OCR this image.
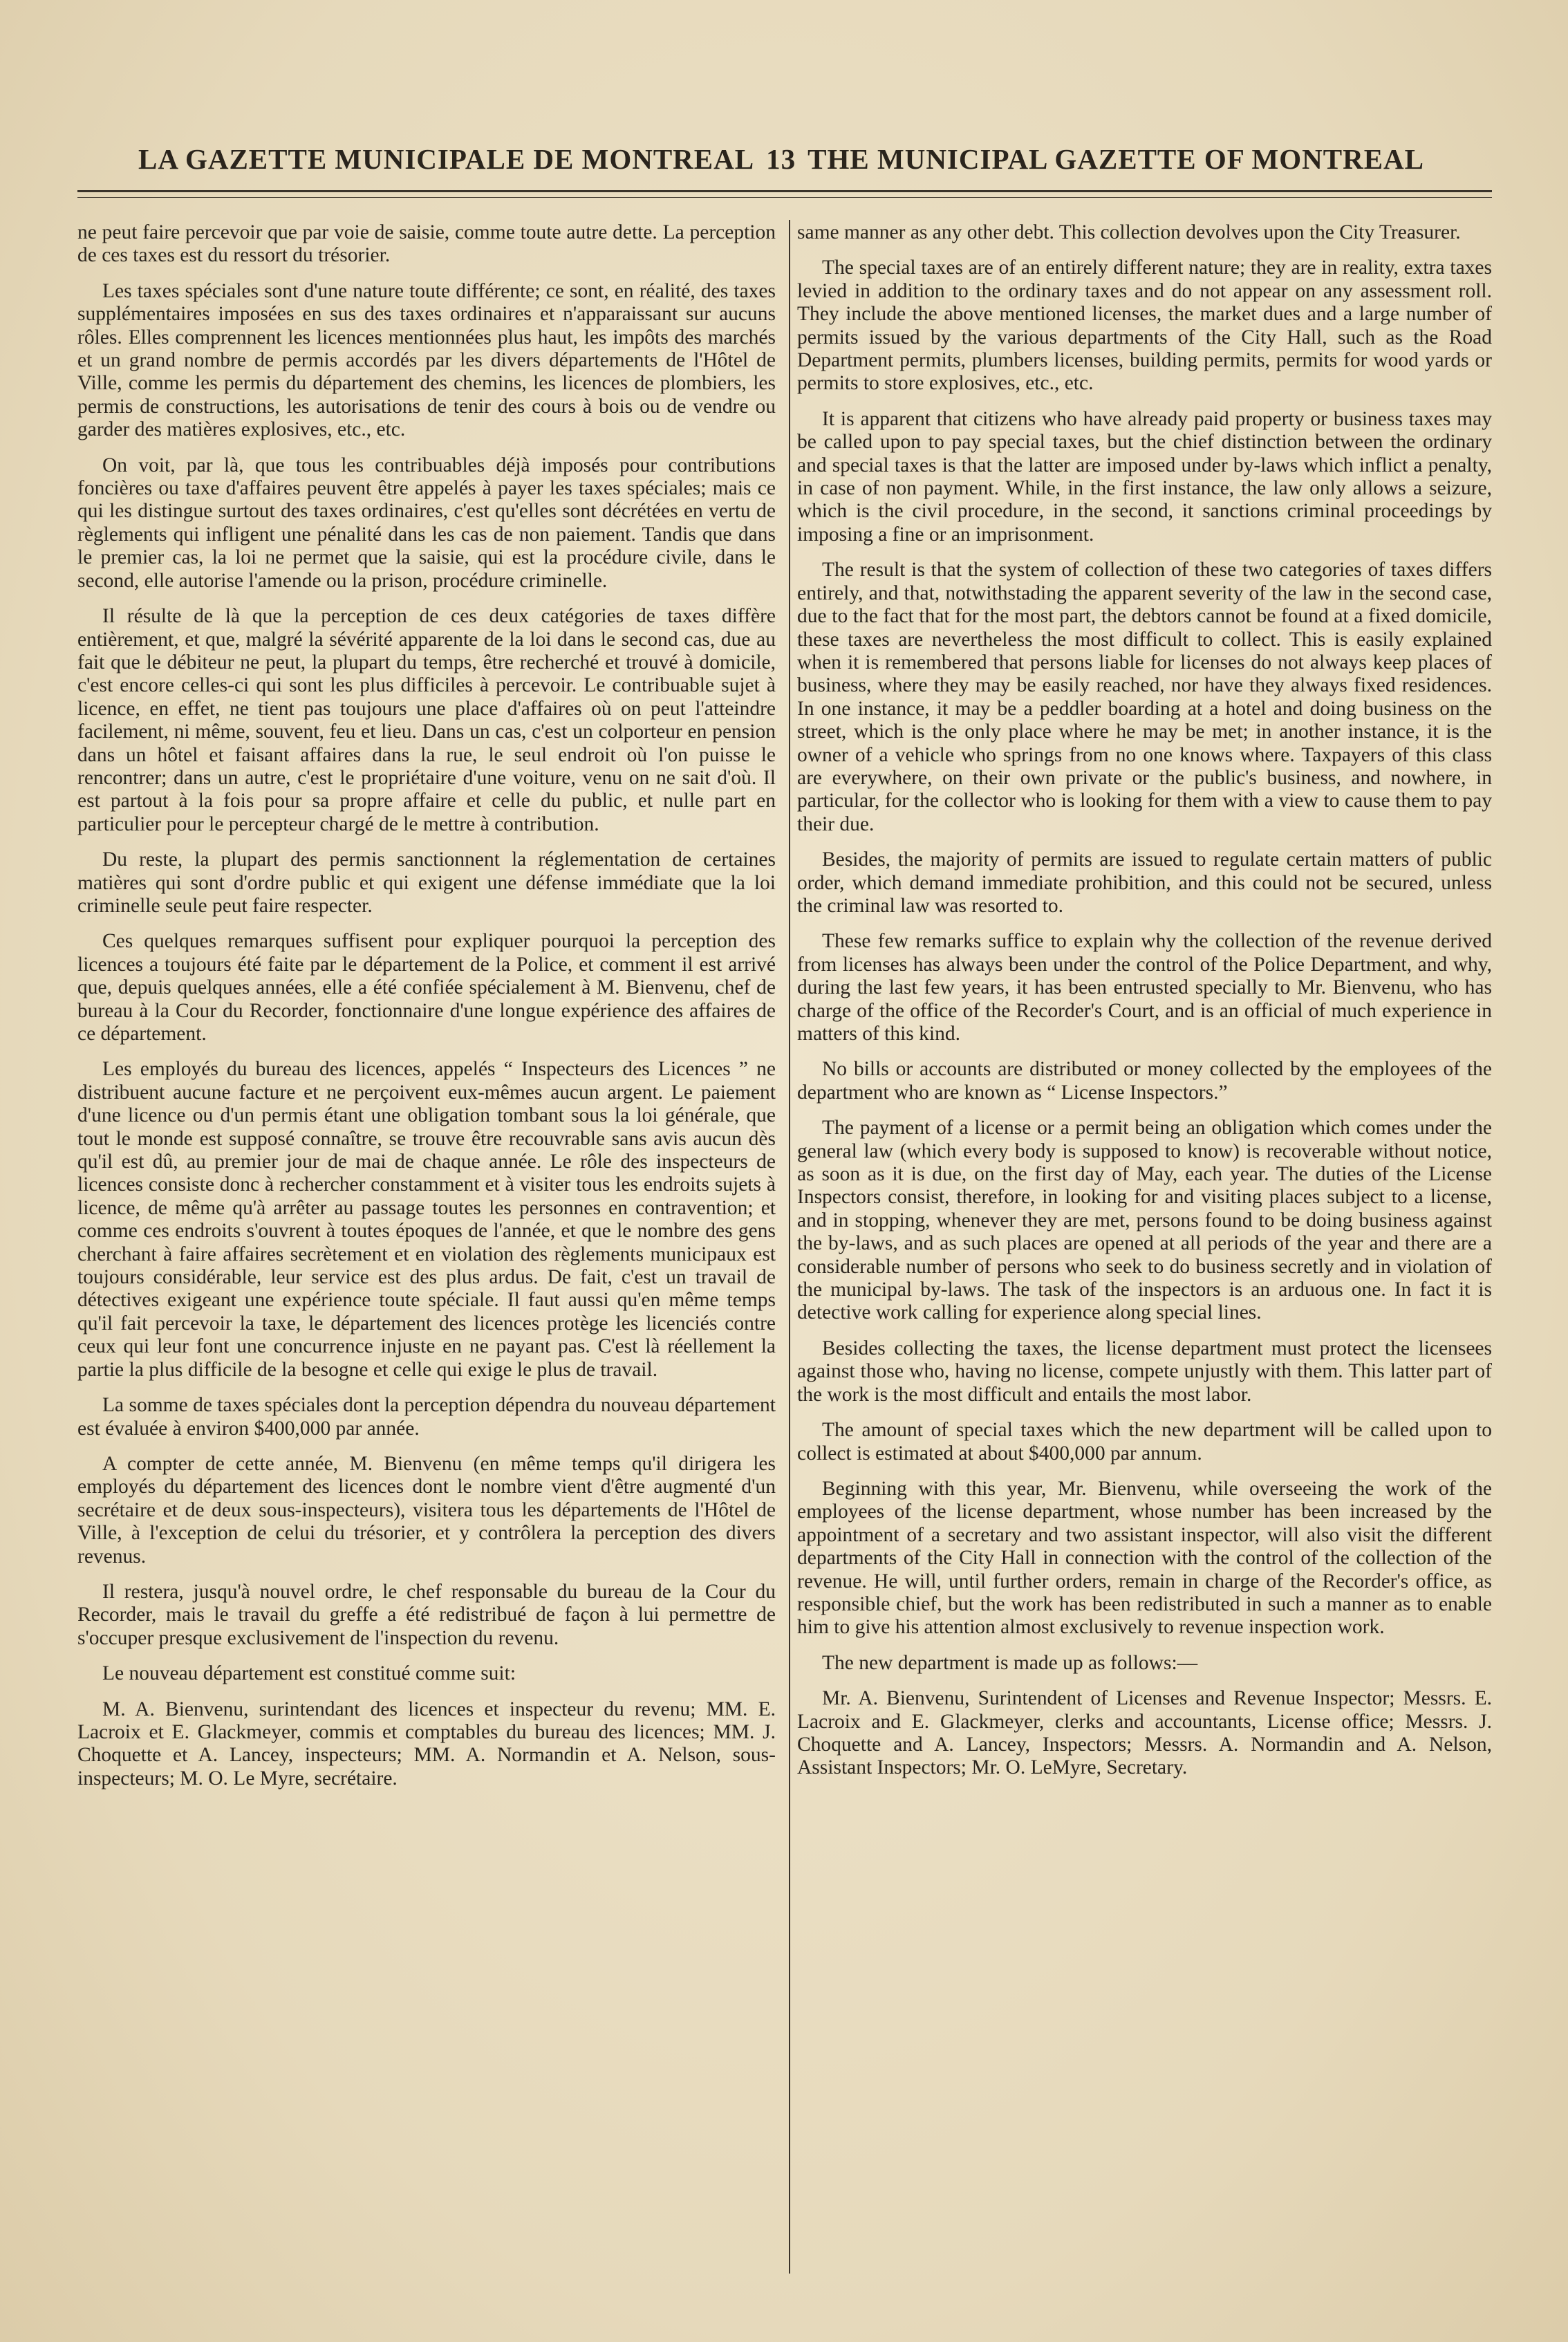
LA GAZETTE MUNICIPALE DE MONTREAL 13 THE MUNICIPAL GAZETTE OF MONTREAL

ne peut faire percevoir que par voie de saisie, comme toute autre dette. La perception de ces taxes est du ressort du trésorier.

Les taxes spéciales sont d'une nature toute différente; ce sont, en réalité, des taxes supplémentaires imposées en sus des taxes ordinaires et n'apparaissant sur aucuns rôles. Elles comprennent les licences mentionnées plus haut, les impôts des marchés et un grand nombre de permis accordés par les divers départements de l'Hôtel de Ville, comme les permis du département des chemins, les licences de plombiers, les permis de constructions, les autorisations de tenir des cours à bois ou de vendre ou garder des matières explosives, etc., etc.

On voit, par là, que tous les contribuables déjà imposés pour contributions foncières ou taxe d'affaires peuvent être appelés à payer les taxes spéciales; mais ce qui les distingue surtout des taxes ordinaires, c'est qu'elles sont décrétées en vertu de règlements qui infligent une pénalité dans les cas de non paiement. Tandis que dans le premier cas, la loi ne permet que la saisie, qui est la procédure civile, dans le second, elle autorise l'amende ou la prison, procédure criminelle.

Il résulte de là que la perception de ces deux catégories de taxes diffère entièrement, et que, malgré la sévérité apparente de la loi dans le second cas, due au fait que le débiteur ne peut, la plupart du temps, être recherché et trouvé à domicile, c'est encore celles-ci qui sont les plus difficiles à percevoir. Le contribuable sujet à licence, en effet, ne tient pas toujours une place d'affaires où on peut l'atteindre facilement, ni même, souvent, feu et lieu. Dans un cas, c'est un colporteur en pension dans un hôtel et faisant affaires dans la rue, le seul endroit où l'on puisse le rencontrer; dans un autre, c'est le propriétaire d'une voiture, venu on ne sait d'où. Il est partout à la fois pour sa propre affaire et celle du public, et nulle part en particulier pour le percepteur chargé de le mettre à contribution.

Du reste, la plupart des permis sanctionnent la réglementation de certaines matières qui sont d'ordre public et qui exigent une défense immédiate que la loi criminelle seule peut faire respecter.

Ces quelques remarques suffisent pour expliquer pourquoi la perception des licences a toujours été faite par le département de la Police, et comment il est arrivé que, depuis quelques années, elle a été confiée spécialement à M. Bienvenu, chef de bureau à la Cour du Recorder, fonctionnaire d'une longue expérience des affaires de ce département.

Les employés du bureau des licences, appelés “ Inspecteurs des Licences ” ne distribuent aucune facture et ne perçoivent eux-mêmes aucun argent. Le paiement d'une licence ou d'un permis étant une obligation tombant sous la loi générale, que tout le monde est supposé connaître, se trouve être recouvrable sans avis aucun dès qu'il est dû, au premier jour de mai de chaque année. Le rôle des inspecteurs de licences consiste donc à rechercher constamment et à visiter tous les endroits sujets à licence, de même qu'à arrêter au passage toutes les personnes en contravention; et comme ces endroits s'ouvrent à toutes époques de l'année, et que le nombre des gens cherchant à faire affaires secrètement et en violation des règlements municipaux est toujours considérable, leur service est des plus ardus. De fait, c'est un travail de détectives exigeant une expérience toute spéciale. Il faut aussi qu'en même temps qu'il fait percevoir la taxe, le département des licences protège les licenciés contre ceux qui leur font une concurrence injuste en ne payant pas. C'est là réellement la partie la plus difficile de la besogne et celle qui exige le plus de travail.

La somme de taxes spéciales dont la perception dépendra du nouveau département est évaluée à environ $400,000 par année.

A compter de cette année, M. Bienvenu (en même temps qu'il dirigera les employés du département des licences dont le nombre vient d'être augmenté d'un secrétaire et de deux sous-inspecteurs), visitera tous les départements de l'Hôtel de Ville, à l'exception de celui du trésorier, et y contrôlera la perception des divers revenus.

Il restera, jusqu'à nouvel ordre, le chef responsable du bureau de la Cour du Recorder, mais le travail du greffe a été redistribué de façon à lui permettre de s'occuper presque exclusivement de l'inspection du revenu.

Le nouveau département est constitué comme suit:

M. A. Bienvenu, surintendant des licences et inspecteur du revenu; MM. E. Lacroix et E. Glackmeyer, commis et comptables du bureau des licences; MM. J. Choquette et A. Lancey, inspecteurs; MM. A. Normandin et A. Nelson, sous-inspecteurs; M. O. Le Myre, secrétaire.

same manner as any other debt. This collection devolves upon the City Treasurer.

The special taxes are of an entirely different nature; they are in reality, extra taxes levied in addition to the ordinary taxes and do not appear on any assessment roll. They include the above mentioned licenses, the market dues and a large number of permits issued by the various departments of the City Hall, such as the Road Department permits, plumbers licenses, building permits, permits for wood yards or permits to store explosives, etc., etc.

It is apparent that citizens who have already paid property or business taxes may be called upon to pay special taxes, but the chief distinction between the ordinary and special taxes is that the latter are imposed under by-laws which inflict a penalty, in case of non payment. While, in the first instance, the law only allows a seizure, which is the civil procedure, in the second, it sanctions criminal proceedings by imposing a fine or an imprisonment.

The result is that the system of collection of these two categories of taxes differs entirely, and that, notwithstading the apparent severity of the law in the second case, due to the fact that for the most part, the debtors cannot be found at a fixed domicile, these taxes are nevertheless the most difficult to collect. This is easily explained when it is remembered that persons liable for licenses do not always keep places of business, where they may be easily reached, nor have they always fixed residences. In one instance, it may be a peddler boarding at a hotel and doing business on the street, which is the only place where he may be met; in another instance, it is the owner of a vehicle who springs from no one knows where. Taxpayers of this class are everywhere, on their own private or the public's business, and nowhere, in particular, for the collector who is looking for them with a view to cause them to pay their due.

Besides, the majority of permits are issued to regulate certain matters of public order, which demand immediate prohibition, and this could not be secured, unless the criminal law was resorted to.

These few remarks suffice to explain why the collection of the revenue derived from licenses has always been under the control of the Police Department, and why, during the last few years, it has been entrusted specially to Mr. Bienvenu, who has charge of the office of the Recorder's Court, and is an official of much experience in matters of this kind.

No bills or accounts are distributed or money collected by the employees of the department who are known as “ License Inspectors.”

The payment of a license or a permit being an obligation which comes under the general law (which every body is supposed to know) is recoverable without notice, as soon as it is due, on the first day of May, each year. The duties of the License Inspectors consist, therefore, in looking for and visiting places subject to a license, and in stopping, whenever they are met, persons found to be doing business against the by-laws, and as such places are opened at all periods of the year and there are a considerable number of persons who seek to do business secretly and in violation of the municipal by-laws. The task of the inspectors is an arduous one. In fact it is detective work calling for experience along special lines.

Besides collecting the taxes, the license department must protect the licensees against those who, having no license, compete unjustly with them. This latter part of the work is the most difficult and entails the most labor.

The amount of special taxes which the new department will be called upon to collect is estimated at about $400,000 par annum.

Beginning with this year, Mr. Bienvenu, while overseeing the work of the employees of the license department, whose number has been increased by the appointment of a secretary and two assistant inspector, will also visit the different departments of the City Hall in connection with the control of the collection of the revenue. He will, until further orders, remain in charge of the Recorder's office, as responsible chief, but the work has been redistributed in such a manner as to enable him to give his attention almost exclusively to revenue inspection work.

The new department is made up as follows:—

Mr. A. Bienvenu, Surintendent of Licenses and Revenue Inspector; Messrs. E. Lacroix and E. Glackmeyer, clerks and accountants, License office; Messrs. J. Choquette and A. Lancey, Inspectors; Messrs. A. Normandin and A. Nelson, Assistant Inspectors; Mr. O. LeMyre, Secretary.
